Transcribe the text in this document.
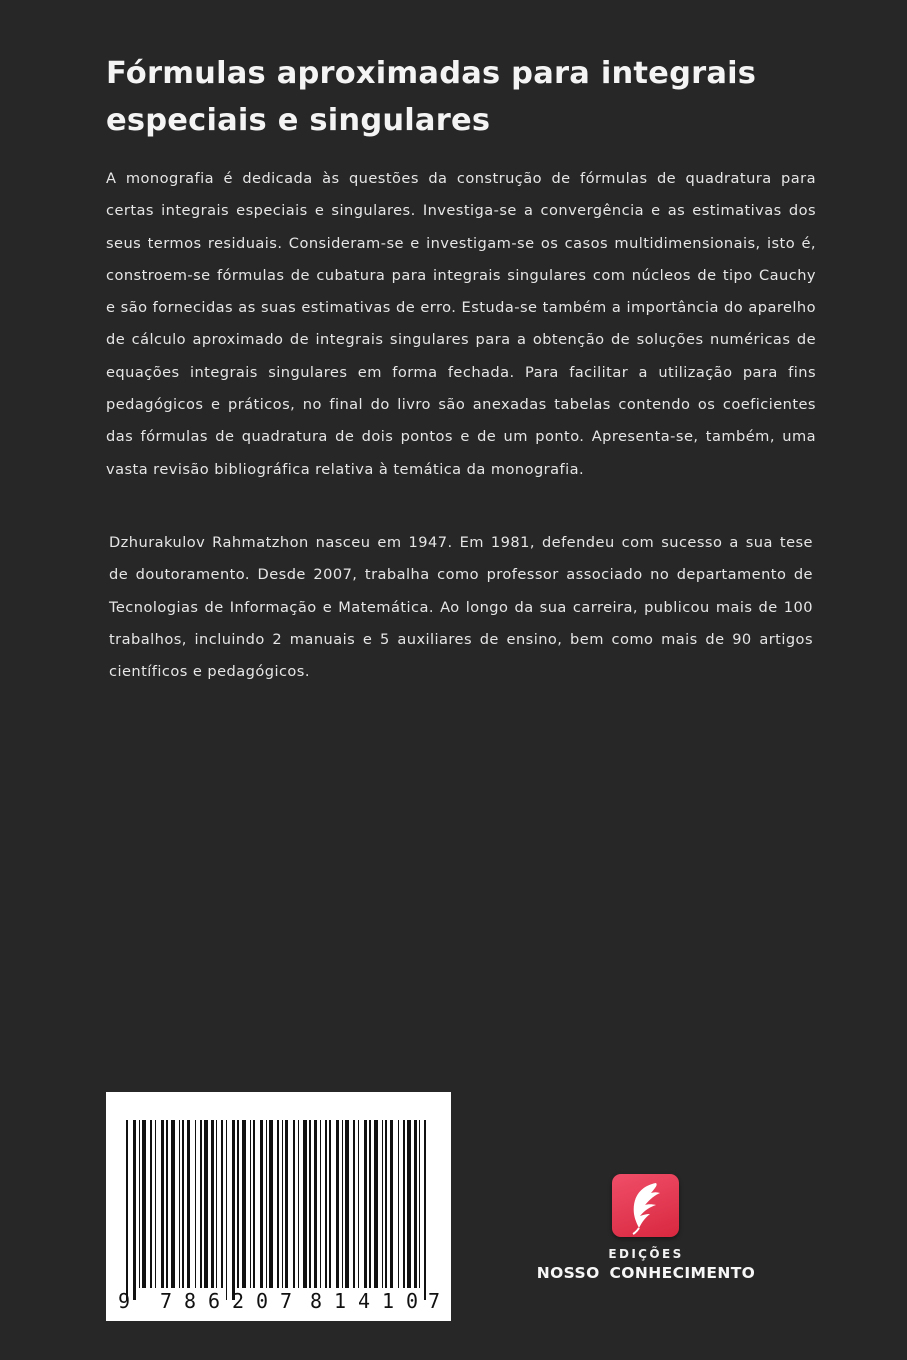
Fórmulas aproximadas para integrais especiais e singulares

A monografia é dedicada às questões da construção de fórmulas de quadratura para certas integrais especiais e singulares. Investiga-se a convergência e as estimativas dos seus termos residuais. Consideram-se e investigam-se os casos multidimensionais, isto é, constroem-se fórmulas de cubatura para integrais singulares com núcleos de tipo Cauchy e são fornecidas as suas estimativas de erro. Estuda-se também a importância do aparelho de cálculo aproximado de integrais singulares para a obtenção de soluções numéricas de equações integrais singulares em forma fechada. Para facilitar a utilização para fins pedagógicos e práticos, no final do livro são anexadas tabelas contendo os coeficientes das fórmulas de quadratura de dois pontos e de um ponto. Apresenta-se, também, uma vasta revisão bibliográfica relativa à temática da monografia.

Dzhurakulov Rahmatzhon nasceu em 1947. Em 1981, defendeu com sucesso a sua tese de doutoramento. Desde 2007, trabalha como professor associado no departamento de Tecnologias de Informação e Matemática. Ao longo da sua carreira, publicou mais de 100 trabalhos, incluindo 2 manuais e 5 auxiliares de ensino, bem como mais de 90 artigos científicos e pedagógicos.

9 7 8 6 2 0 7 8 1 4 1 0 7
EDIÇÕES
NOSSO CONHECIMENTO
